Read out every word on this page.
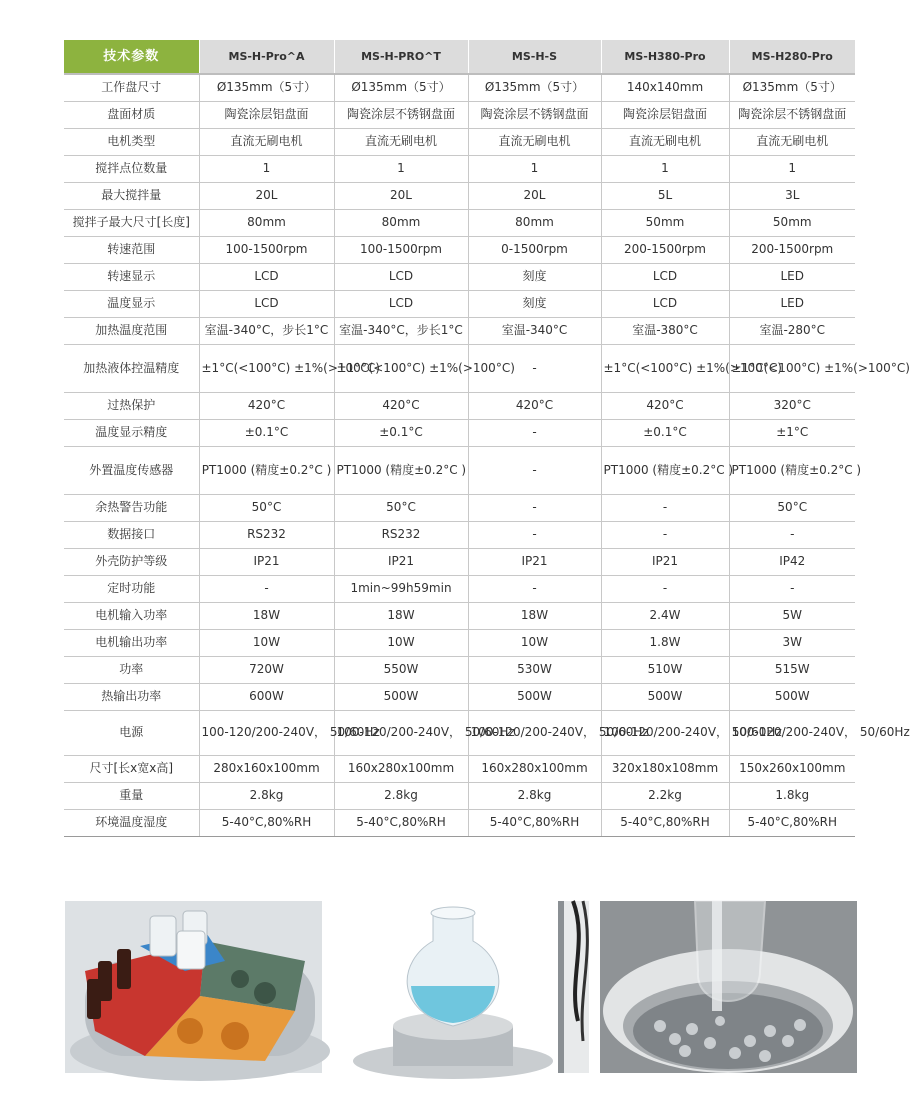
技术参数	MS-H-Pro^A	MS-H-PRO^T	MS-H-S	MS-H380-Pro	MS-H280-Pro
工作盘尺寸	Ø135mm（5寸）	Ø135mm（5寸）	Ø135mm（5寸）	140x140mm	Ø135mm（5寸）
盘面材质	陶瓷涂层铝盘面	陶瓷涂层不锈钢盘面	陶瓷涂层不锈钢盘面	陶瓷涂层铝盘面	陶瓷涂层不锈钢盘面
电机类型	直流无刷电机	直流无刷电机	直流无刷电机	直流无刷电机	直流无刷电机
搅拌点位数量	1	1	1	1	1
最大搅拌量	20L	20L	20L	5L	3L
搅拌子最大尺寸[长度]	80mm	80mm	80mm	50mm	50mm
转速范围	100-1500rpm	100-1500rpm	0-1500rpm	200-1500rpm	200-1500rpm
转速显示	LCD	LCD	刻度	LCD	LED
温度显示	LCD	LCD	刻度	LCD	LED
加热温度范围	室温-340°C，步长1°C	室温-340°C，步长1°C	室温-340°C	室温-380°C	室温-280°C
加热液体控温精度	±1°C(<100°C) ±1%(>100°C)	±1°C(<100°C) ±1%(>100°C)	-	±1°C(<100°C) ±1%(>100°C)	±1°C(<100°C) ±1%(>100°C)
过热保护	420°C	420°C	420°C	420°C	320°C
温度显示精度	±0.1°C	±0.1°C	-	±0.1°C	±1°C
外置温度传感器	PT1000 (精度±0.2°C )	PT1000 (精度±0.2°C )	-	PT1000 (精度±0.2°C )	PT1000 (精度±0.2°C )
余热警告功能	50°C	50°C	-	-	50°C
数据接口	RS232	RS232	-	-	-
外壳防护等级	IP21	IP21	IP21	IP21	IP42
定时功能	-	1min~99h59min	-	-	-
电机输入功率	18W	18W	18W	2.4W	5W
电机输出功率	10W	10W	10W	1.8W	3W
功率	720W	550W	530W	510W	515W
热输出功率	600W	500W	500W	500W	500W
电源	100-120/200-240V， 50/60Hz	100-120/200-240V， 50/60Hz	100-120/200-240V， 50/60Hz	100-120/200-240V， 50/60Hz	100-120/200-240V， 50/60Hz
尺寸[长x宽x高]	280x160x100mm	160x280x100mm	160x280x100mm	320x180x108mm	150x260x100mm
重量	2.8kg	2.8kg	2.8kg	2.2kg	1.8kg
环境温度湿度	5-40°C,80%RH	5-40°C,80%RH	5-40°C,80%RH	5-40°C,80%RH	5-40°C,80%RH
